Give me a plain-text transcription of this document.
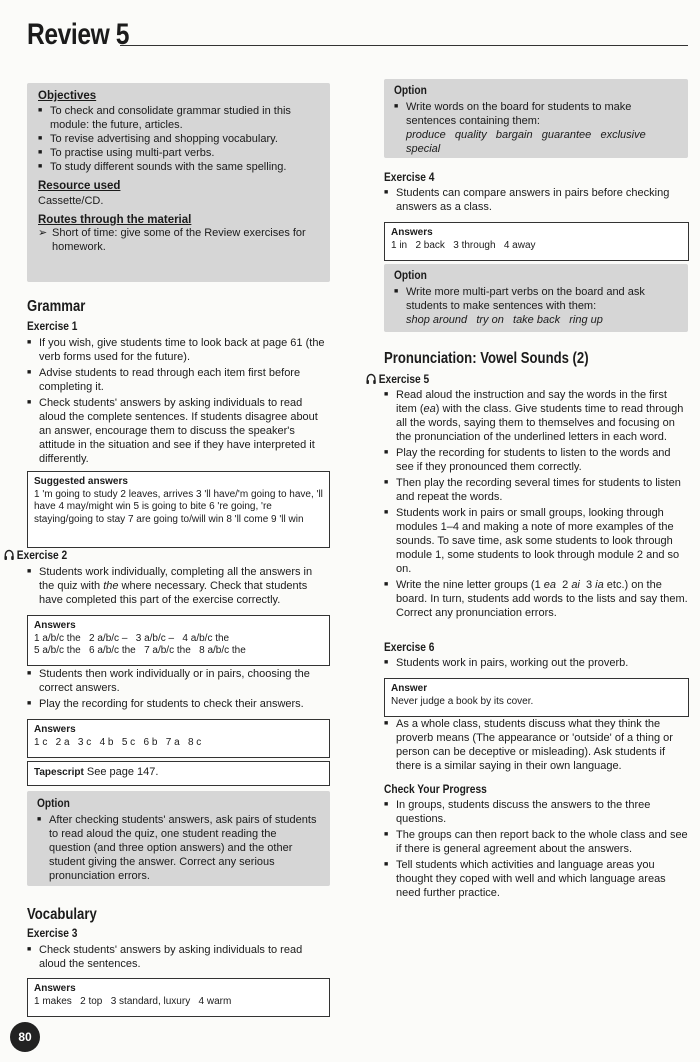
Review 5
Objectives
■ To check and consolidate grammar studied in this module: the future, articles.
■ To revise advertising and shopping vocabulary.
■ To practise using multi-part verbs.
■ To study different sounds with the same spelling.
Resource used
Cassette/CD.
Routes through the material
➢ Short of time: give some of the Review exercises for homework.
Grammar
Exercise 1
■ If you wish, give students time to look back at page 61 (the verb forms used for the future).
■ Advise students to read through each item first before completing it.
■ Check students' answers by asking individuals to read aloud the complete sentences. If students disagree about an answer, encourage them to discuss the speaker's attitude in the situation and see if they have interpreted it differently.
Suggested answers
1 'm going to study 2 leaves, arrives 3 'll have/'m going to have, 'll have 4 may/might win 5 is going to bite 6 're going, 're staying/going to stay 7 are going to/will win 8 'll come 9 'll win
Exercise 2
■ Students work individually, completing all the answers in the quiz with the where necessary. Check that students have completed this part of the exercise correctly.
Answers
1 a/b/c the   2 a/b/c –   3 a/b/c –   4 a/b/c the
5 a/b/c the   6 a/b/c the   7 a/b/c the   8 a/b/c the
■ Students then work individually or in pairs, choosing the correct answers.
■ Play the recording for students to check their answers.
Answers
1 c   2 a   3 c   4 b   5 c   6 b   7 a   8 c
Tapescript See page 147.
Option
■ After checking students' answers, ask pairs of students to read aloud the quiz, one student reading the question (and three option answers) and the other student giving the answer. Correct any serious pronunciation errors.
Vocabulary
Exercise 3
■ Check students' answers by asking individuals to read aloud the sentences.
Answers
1 makes   2 top   3 standard, luxury   4 warm
80
Option
■ Write words on the board for students to make sentences containing them:
produce   quality   bargain   guarantee   exclusive   special
Exercise 4
■ Students can compare answers in pairs before checking answers as a class.
Answers
1 in   2 back   3 through   4 away
Option
■ Write more multi-part verbs on the board and ask students to make sentences with them:
shop around   try on   take back   ring up
Pronunciation: Vowel Sounds (2)
Exercise 5
■ Read aloud the instruction and say the words in the first item (ea) with the class. Give students time to read through all the words, saying them to themselves and focusing on the pronunciation of the underlined letters in each word.
■ Play the recording for students to listen to the words and see if they pronounced them correctly.
■ Then play the recording several times for students to listen and repeat the words.
■ Students work in pairs or small groups, looking through modules 1–4 and making a note of more examples of the sounds. To save time, ask some students to look through module 1, some students to look through module 2 and so on.
■ Write the nine letter groups (1 ea  2 ai  3 ia etc.) on the board. In turn, students add words to the lists and say them. Correct any pronunciation errors.
Exercise 6
■ Students work in pairs, working out the proverb.
Answer
Never judge a book by its cover.
■ As a whole class, students discuss what they think the proverb means (The appearance or 'outside' of a thing or person can be deceptive or misleading). Ask students if there is a similar saying in their own language.
Check Your Progress
■ In groups, students discuss the answers to the three questions.
■ The groups can then report back to the whole class and see if there is general agreement about the answers.
■ Tell students which activities and language areas you thought they coped with well and which language areas need further practice.
